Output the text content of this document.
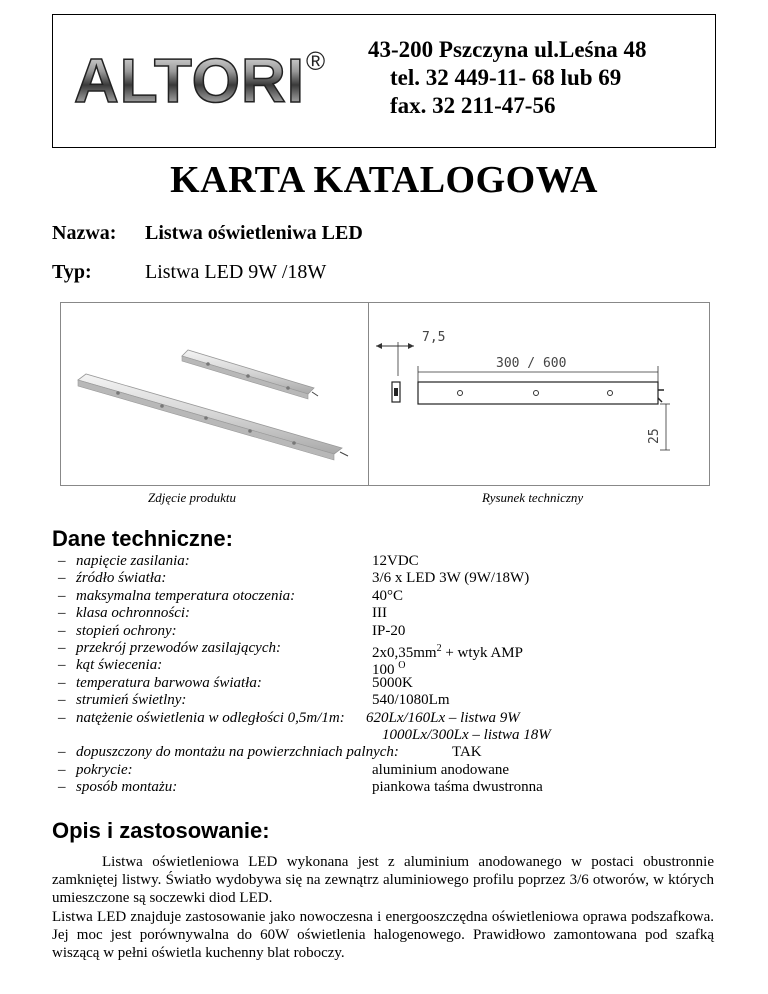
ALTORI ® 43-200 Pszczyna ul.Leśna 48
tel. 32 449-11- 68 lub 69
fax. 32 211-47-56
KARTA KATALOGOWA
Nazwa: Listwa oświetleniwa LED
Typ:	Listwa LED 9W /18W
7,5
300 / 600
25
Zdjęcie produktu	Rysunek techniczny
Dane techniczne:
– napięcie zasilania:	12VDC
– źródło światła:	3/6 x LED 3W (9W/18W)
– maksymalna temperatura otoczenia:	40°C
– klasa ochronności:	III
– stopień ochrony:	IP-20
– przekrój przewodów zasilających:	$2x0,35mm^2$ + wtyk AMP
– kąt świecenia:	100 $^O$
– temperatura barwowa światła:	5000K
– strumień świetlny:	540/1080Lm
– natężenie oświetlenia w odległości 0,5m/1m: 620Lx/160Lx – listwa 9W
1000Lx/300Lx – listwa 18W
– dopuszczony do montażu na powierzchniach palnych:	TAK
– pokrycie:	aluminium anodowane
– sposób montażu:	piankowa taśma dwustronna
Opis i zastosowanie:

Listwa oświetleniowa LED wykonana jest z aluminium anodowanego w postaci obustronnie zamkniętej listwy. Światło wydobywa się na zewnątrz aluminiowego profilu poprzez 3/6 otworów, w których umieszczone są soczewki diod LED.

Listwa LED znajduje zastosowanie jako nowoczesna i energooszczędna oświetleniowa oprawa podszafkowa. Jej moc jest porównywalna do 60W oświetlenia halogenowego. Prawidłowo zamontowana pod szafką wiszącą w pełni oświetla kuchenny blat roboczy.
